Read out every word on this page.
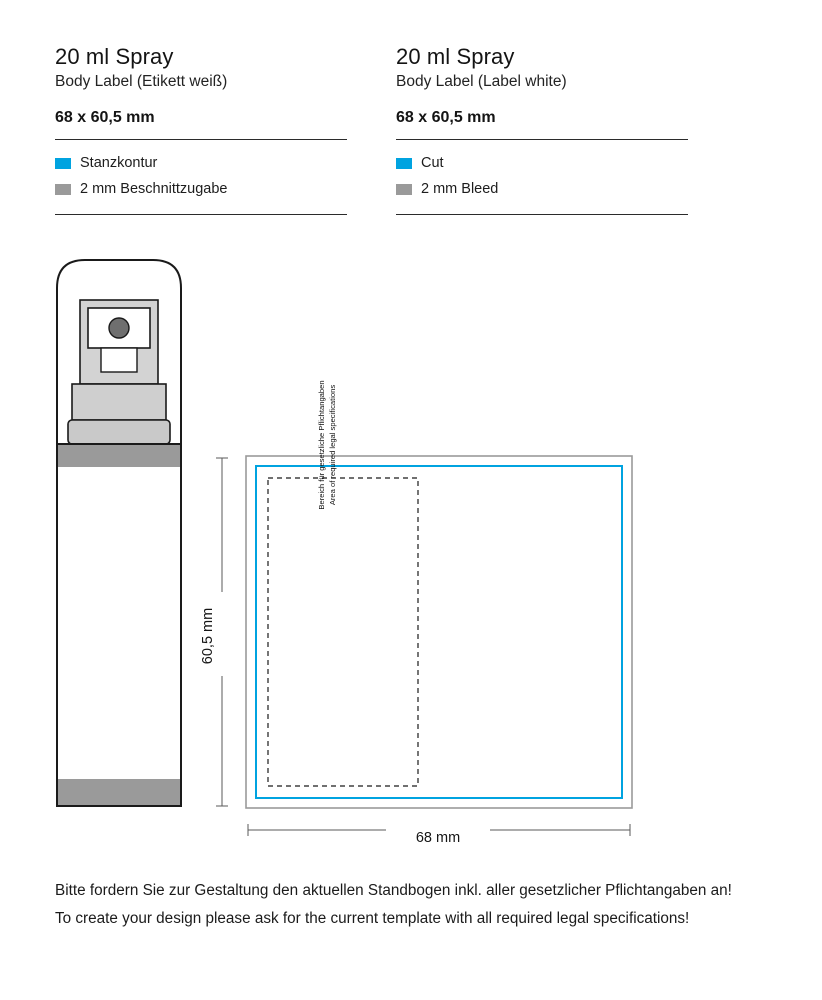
20 ml Spray
Body Label (Etikett weiß)
68 x 60,5 mm
Stanzkontur
2 mm Beschnittzugabe
20 ml Spray
Body Label (Label white)
68 x 60,5 mm
Cut
2 mm Bleed
60,5 mm
68 mm
Bereich für gesetzliche Pflichtangaben Area of required legal specifications

Bitte fordern Sie zur Gestaltung den aktuellen Standbogen inkl. aller gesetzlicher Pflichtangaben an!

To create your design please ask for the current template with all required legal specifications!
